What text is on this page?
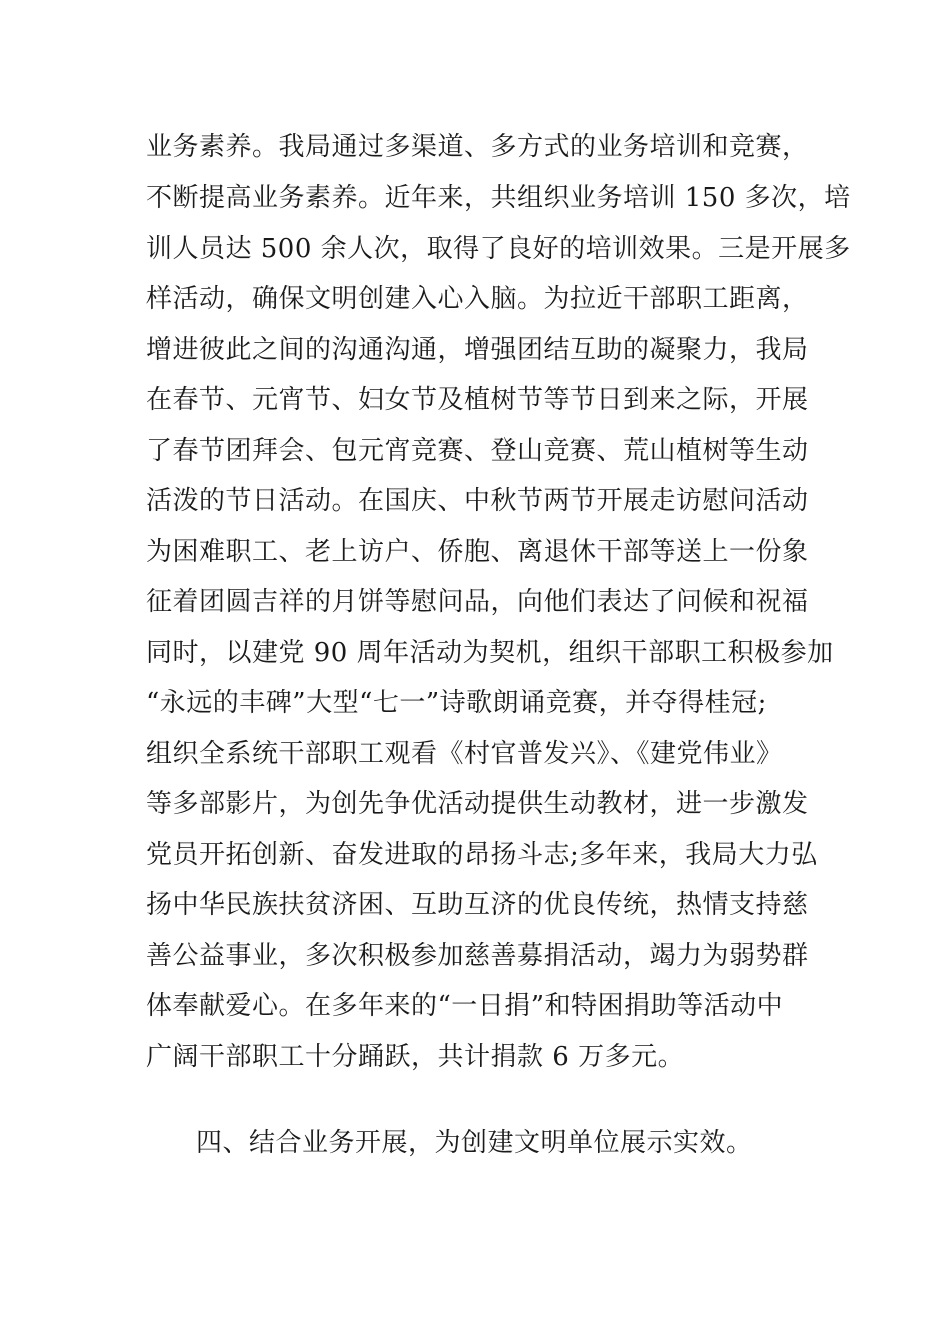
业务素养。我局通过多渠道、多方式的业务培训和竞赛，
不断提高业务素养。近年来，共组织业务培训 150 多次，培
训人员达 500 余人次，取得了良好的培训效果。三是开展多
样活动，确保文明创建入心入脑。为拉近干部职工距离，
增进彼此之间的沟通沟通，增强团结互助的凝聚力，我局
在春节、元宵节、妇女节及植树节等节日到来之际，开展
了春节团拜会、包元宵竞赛、登山竞赛、荒山植树等生动
活泼的节日活动。在国庆、中秋节两节开展走访慰问活动
为困难职工、老上访户、侨胞、离退休干部等送上一份象
征着团圆吉祥的月饼等慰问品，向他们表达了问候和祝福
同时，以建党 90 周年活动为契机，组织干部职工积极参加
“永远的丰碑”大型“七一”诗歌朗诵竞赛，并夺得桂冠;
组织全系统干部职工观看《村官普发兴》、《建党伟业》
等多部影片，为创先争优活动提供生动教材，进一步激发
党员开拓创新、奋发进取的昂扬斗志;多年来，我局大力弘
扬中华民族扶贫济困、互助互济的优良传统，热情支持慈
善公益事业，多次积极参加慈善募捐活动，竭力为弱势群
体奉献爱心。在多年来的“一日捐”和特困捐助等活动中
广阔干部职工十分踊跃，共计捐款 6 万多元。
四、结合业务开展，为创建文明单位展示实效。
